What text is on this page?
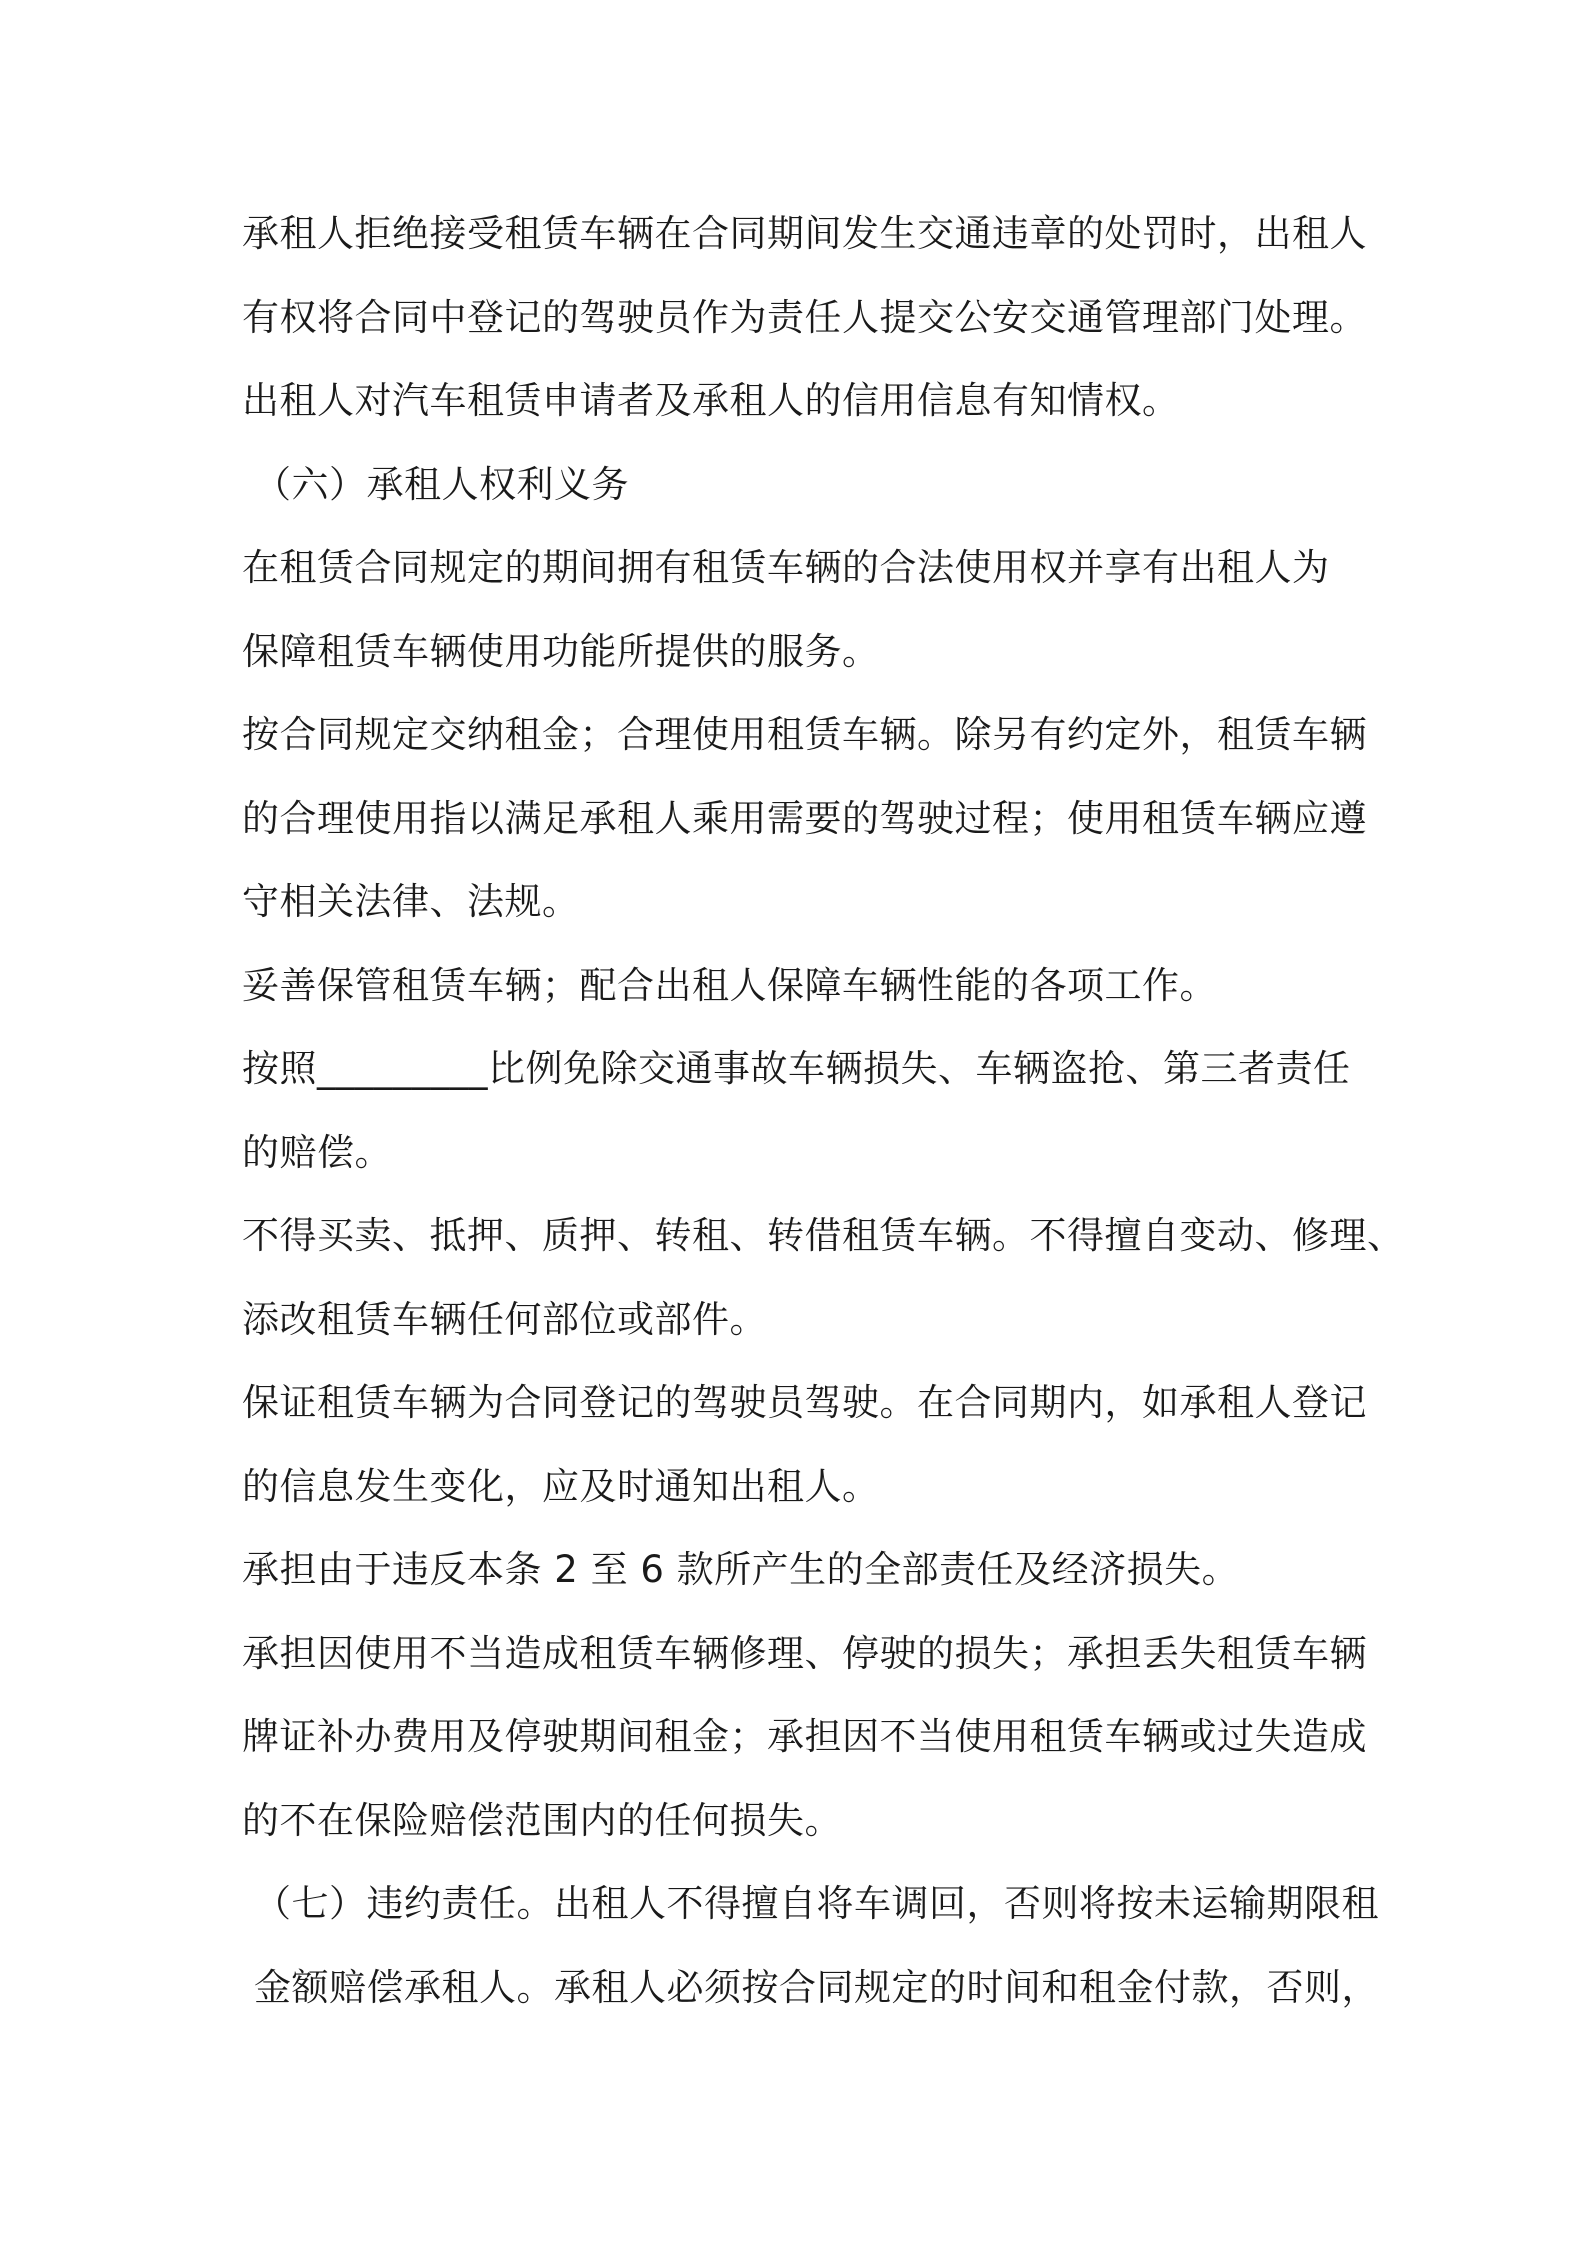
承租人拒绝接受租赁车辆在合同期间发生交通违章的处罚时，出租人
有权将合同中登记的驾驶员作为责任人提交公安交通管理部门处理。

出租人对汽车租赁申请者及承租人的信用信息有知情权。

（六）承租人权利义务

在租赁合同规定的期间拥有租赁车辆的合法使用权并享有出租人为
保障租赁车辆使用功能所提供的服务。

按合同规定交纳租金；合理使用租赁车辆。除另有约定外，租赁车辆
的合理使用指以满足承租人乘用需要的驾驶过程；使用租赁车辆应遵
守相关法律、法规。

妥善保管租赁车辆；配合出租人保障车辆性能的各项工作。

按照_________比例免除交通事故车辆损失、车辆盗抢、第三者责任
的赔偿。

不得买卖、抵押、质押、转租、转借租赁车辆。不得擅自变动、修理、
添改租赁车辆任何部位或部件。

保证租赁车辆为合同登记的驾驶员驾驶。在合同期内，如承租人登记
的信息发生变化，应及时通知出租人。

承担由于违反本条 2 至 6 款所产生的全部责任及经济损失。

承担因使用不当造成租赁车辆修理、停驶的损失；承担丢失租赁车辆
牌证补办费用及停驶期间租金；承担因不当使用租赁车辆或过失造成
的不在保险赔偿范围内的任何损失。

（七）违约责任。出租人不得擅自将车调回，否则将按未运输期限租
金额赔偿承租人。承租人必须按合同规定的时间和租金付款，否则，
